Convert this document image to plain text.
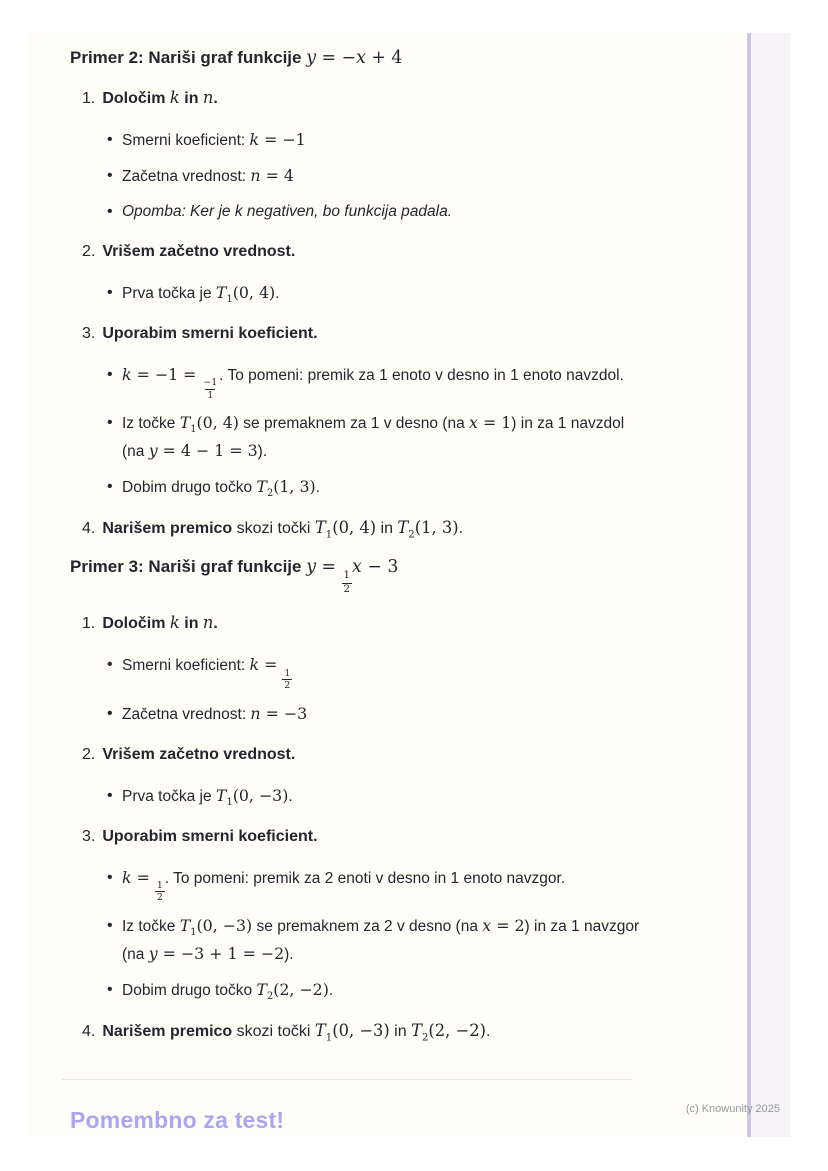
Primer 2: Nariši graf funkcije y = −x + 4
1. Določim k in n.
• Smerni koeficient: k = −1
• Začetna vrednost: n = 4
• Opomba: Ker je k negativen, bo funkcija padala.
2. Vrišem začetno vrednost.
• Prva točka je $T_1(0$, 4).
3. Uporabim smerni koeficient.
• k = −1 =
$\frac{-1}{1}$
. To pomeni: premik za 1 enoto v desno in 1 enoto navzdol.
• Iz točke $T_1(0$, 4) se premaknem za 1 v desno (na x = 1) in za 1 navzdol
(na y = 4 − 1 = 3).
• Dobim drugo točko $T_2(1$, 3).
4. Narišem premico skozi točki $T_1(0$, 4) in $T_2(1$, 3).
Primer 3: Nariši graf funkcije y =
$\frac{1}{2}$
x − 3
1. Določim k in n.
• Smerni koeficient: k =
$\frac{1}{2}$
• Začetna vrednost: n = −3
2. Vrišem začetno vrednost.
• Prva točka je $T_1(0$, −3).
3. Uporabim smerni koeficient.
• k =
$\frac{1}{2}$
. To pomeni: premik za 2 enoti v desno in 1 enoto navzgor.
• Iz točke $T_1(0$, −3) se premaknem za 2 v desno (na x = 2) in za 1 navzgor
(na y = −3 + 1 = −2).
• Dobim drugo točko $T_2(2$, −2).
4. Narišem premico skozi točki $T_1(0$, −3) in $T_2(2$, −2).
Pomembno za test!	(c) Knowunity 2025
